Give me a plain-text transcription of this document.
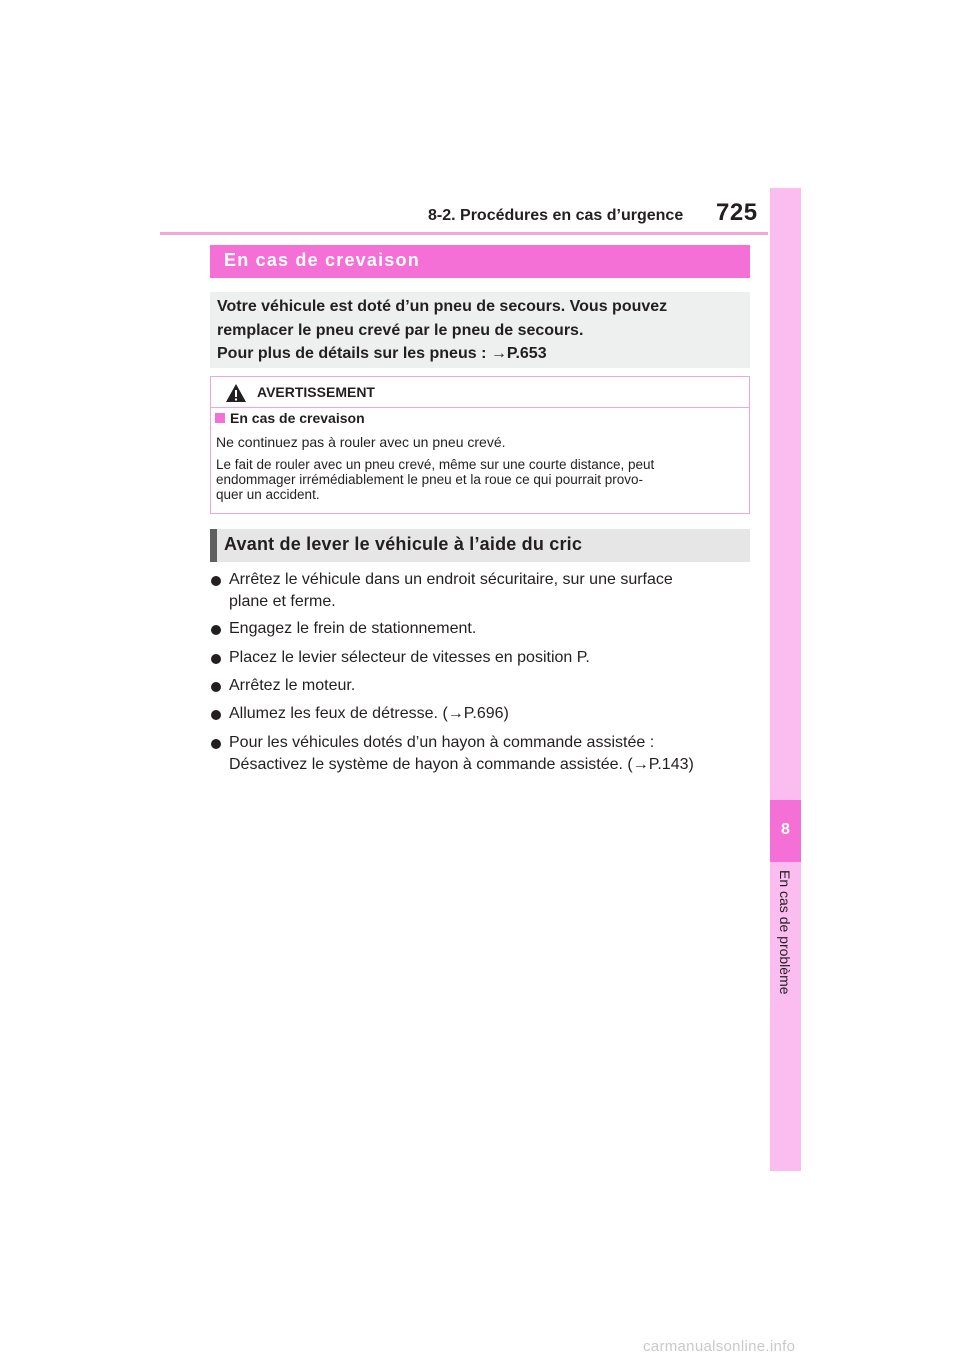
8-2. Procédures en cas d’urgence 725
8
En cas de problème
En cas de crevaison

Votre véhicule est doté d’un pneu de secours. Vous pouvez

remplacer le pneu crevé par le pneu de secours.

Pour plus de détails sur les pneus : →P.653

AVERTISSEMENT
En cas de crevaison
Ne continuez pas à rouler avec un pneu crevé.
Le fait de rouler avec un pneu crevé, même sur une courte distance, peut
endommager irrémédiablement le pneu et la roue ce qui pourrait provo-
quer un accident.
Avant de lever le véhicule à l’aide du cric
Arrêtez le véhicule dans un endroit sécuritaire, sur une surface
plane et ferme.
Engagez le frein de stationnement.
Placez le levier sélecteur de vitesses en position P.
Arrêtez le moteur.
Allumez les feux de détresse. (→P.696)
Pour les véhicules dotés d’un hayon à commande assistée :
Désactivez le système de hayon à commande assistée. (→P.143)
carmanualsonline.info
